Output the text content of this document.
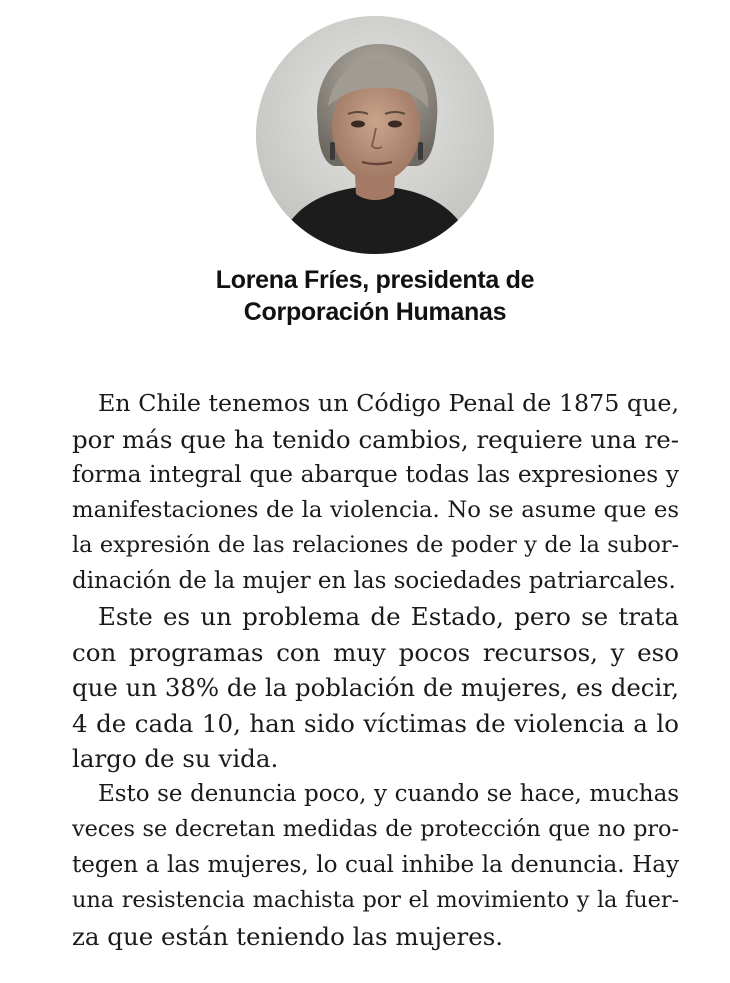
Lorena Fríes, presidenta de
Corporación Humanas
En Chile tenemos un Código Penal de 1875 que,
por más que ha tenido cambios, requiere una re-
forma integral que abarque todas las expresiones y
manifestaciones de la violencia. No se asume que es
la expresión de las relaciones de poder y de la subor-
dinación de la mujer en las sociedades patriarcales.
Este es un problema de Estado, pero se trata
con programas con muy pocos recursos, y eso
que un 38% de la población de mujeres, es decir,
4 de cada 10, han sido víctimas de violencia a lo
largo de su vida.
Esto se denuncia poco, y cuando se hace, muchas
veces se decretan medidas de protección que no pro-
tegen a las mujeres, lo cual inhibe la denuncia. Hay
una resistencia machista por el movimiento y la fuer-
za que están teniendo las mujeres.
